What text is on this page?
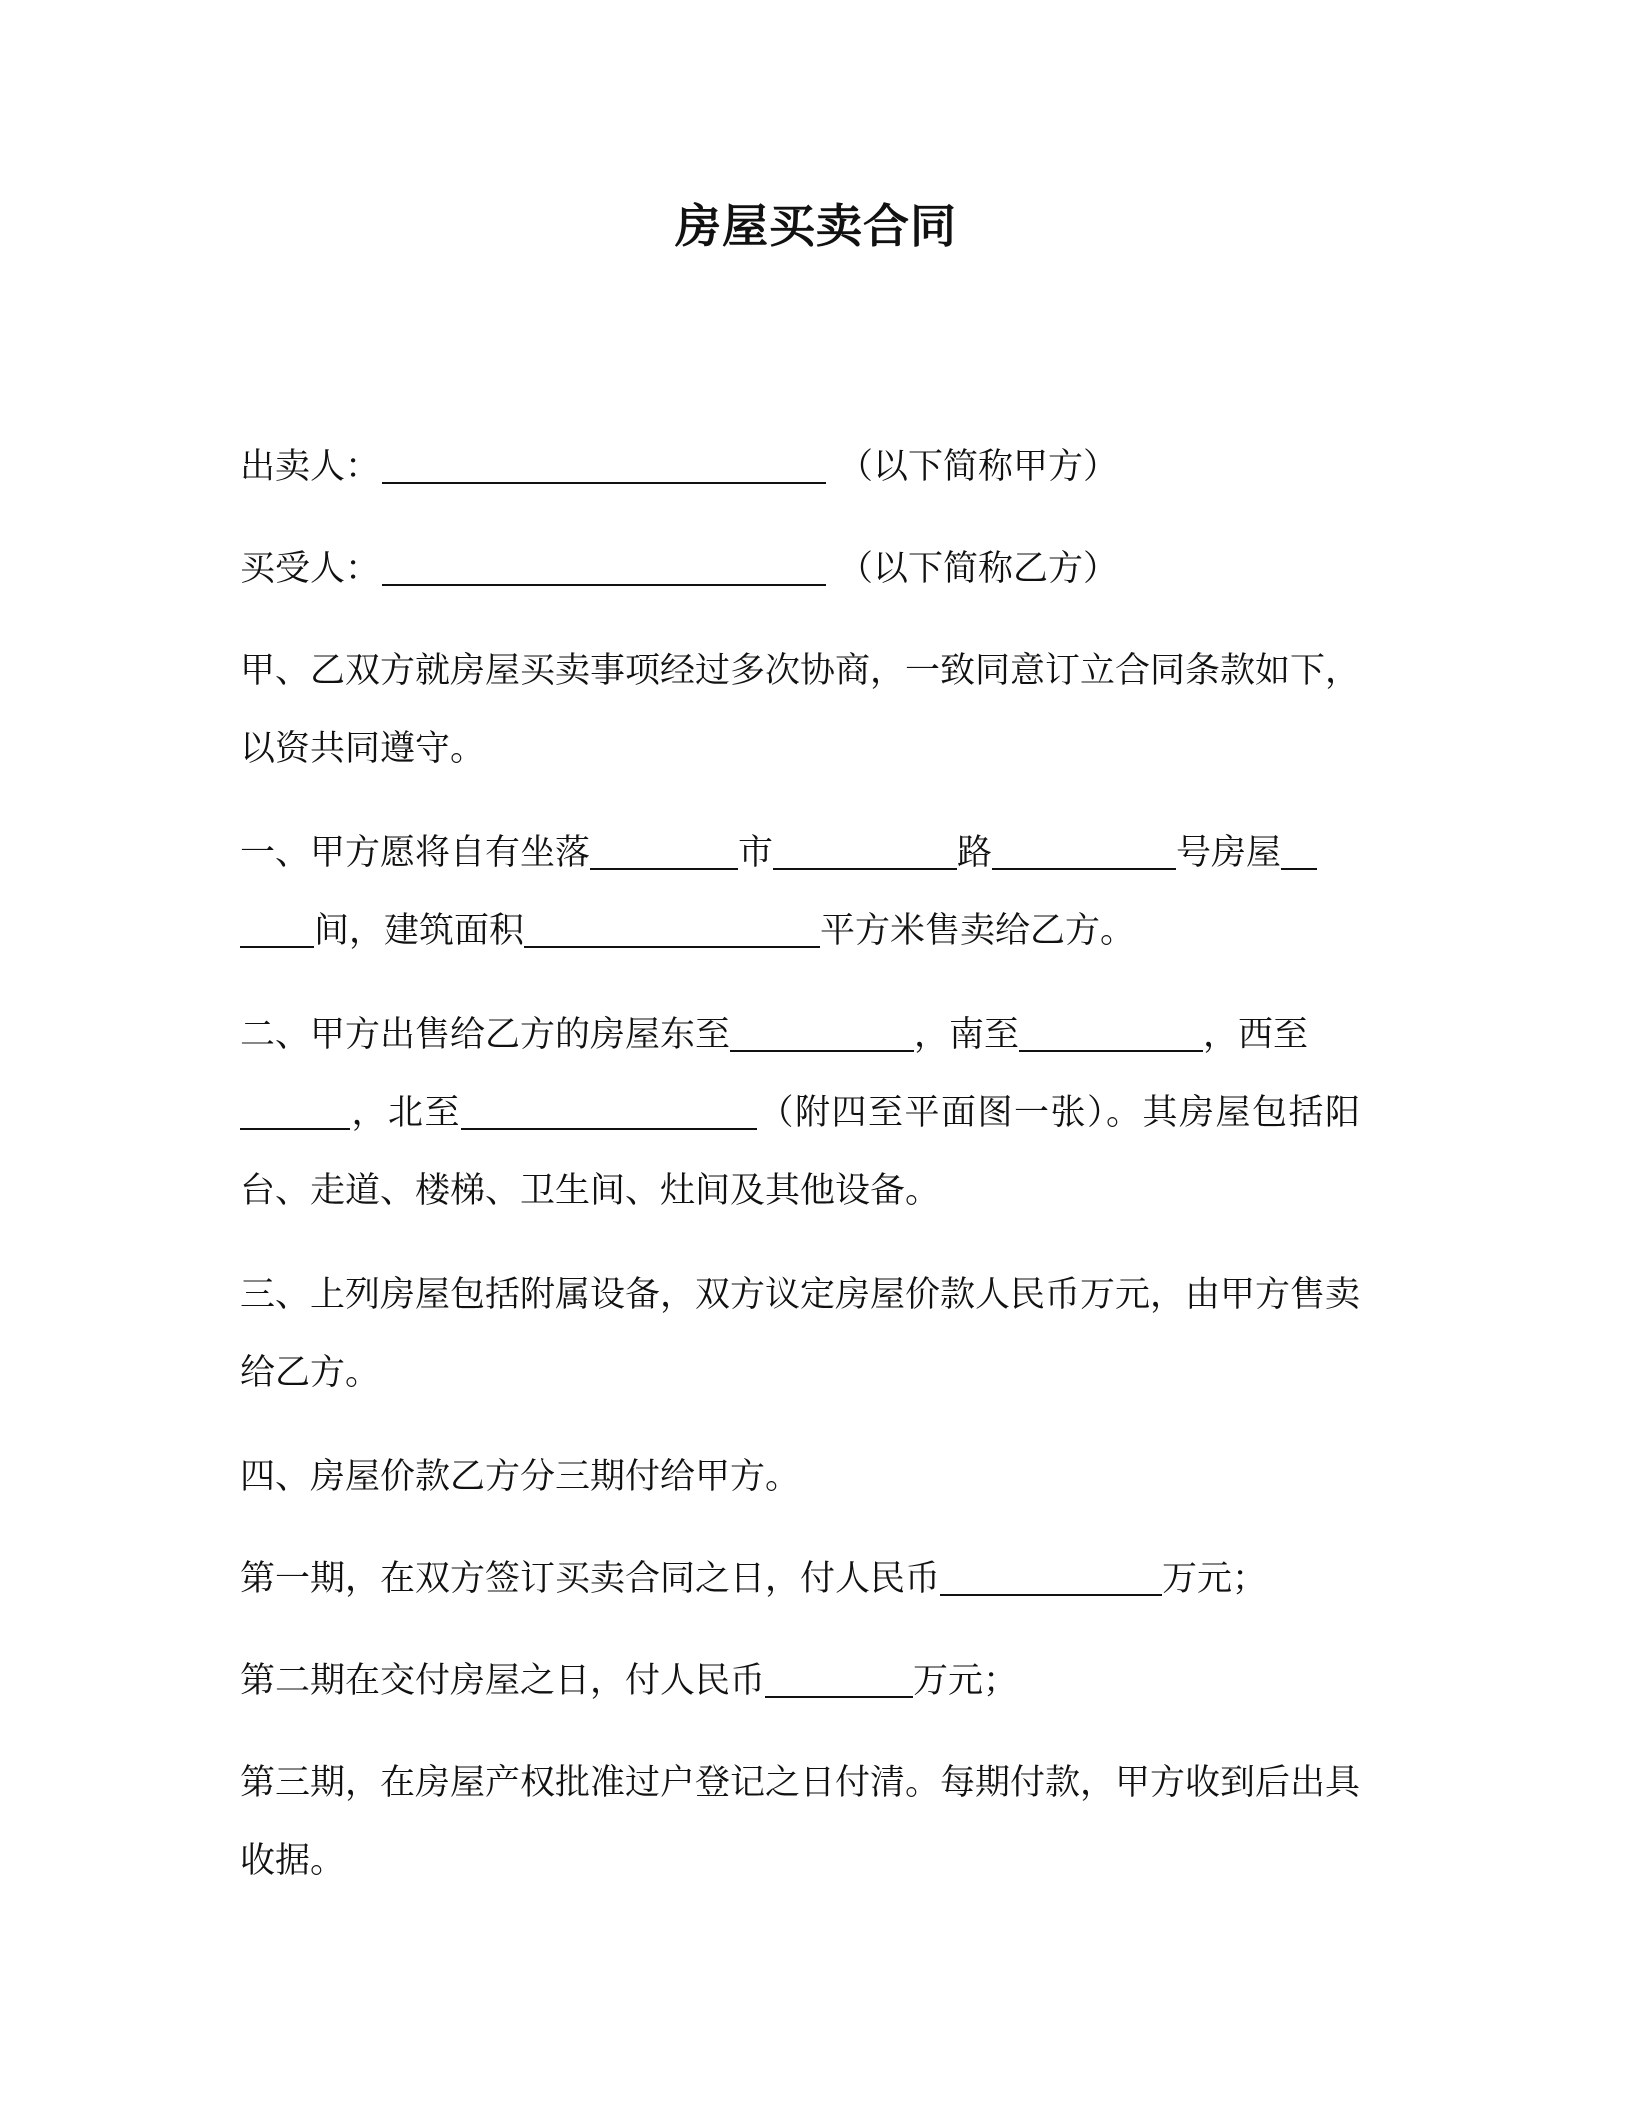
房屋买卖合同

出卖人：	（以下简称甲方）

买受人：	（以下简称乙方）

甲、乙双方就房屋买卖事项经过多次协商，一致同意订立合同条款如下，以资共同遵守。

一、甲方愿将自有坐落	市	路	号房屋
间，建筑面积	平方米售卖给乙方。

二、甲方出售给乙方的房屋东至	，南至	，西至
，北至	（附四至平面图一张）。其房屋包括阳台、走道、楼梯、卫生间、灶间及其他设备。

三、上列房屋包括附属设备，双方议定房屋价款人民币万元，由甲方售卖给乙方。

四、房屋价款乙方分三期付给甲方。

第一期，在双方签订买卖合同之日，付人民币	万元；

第二期在交付房屋之日，付人民币	万元；

第三期，在房屋产权批准过户登记之日付清。每期付款，甲方收到后出具收据。
